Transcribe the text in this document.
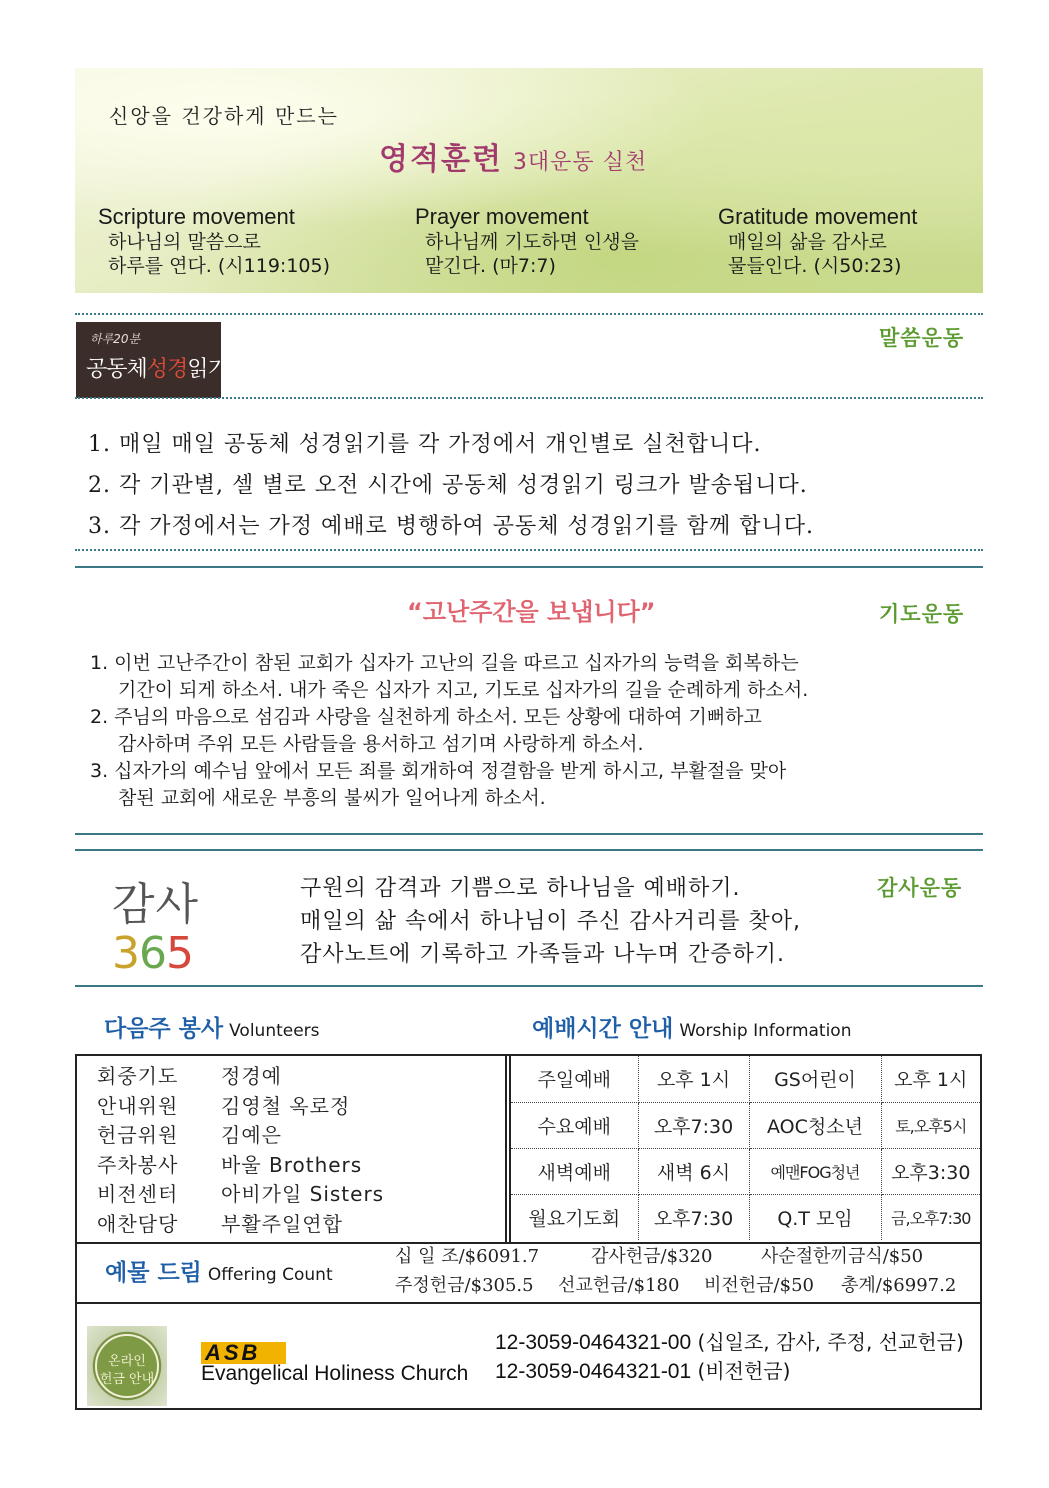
신앙을 건강하게 만드는
영적훈련 3대운동 실천
Scripture movement
하나님의 말씀으로
하루를 연다. (시119:105)
Prayer movement
하나님께 기도하면 인생을
맡긴다. (마7:7)
Gratitude movement
매일의 삶을 감사로
물들인다. (시50:23)
하루20분
공동체성경읽기
말씀운동
1. 매일 매일 공동체 성경읽기를 각 가정에서 개인별로 실천합니다.
2. 각 기관별, 셀 별로 오전 시간에 공동체 성경읽기 링크가 발송됩니다.
3. 각 가정에서는 가정 예배로 병행하여 공동체 성경읽기를 함께 합니다.
“고난주간을 보냅니다”	기도운동
1. 이번 고난주간이 참된 교회가 십자가 고난의 길을 따르고 십자가의 능력을 회복하는
기간이 되게 하소서. 내가 죽은 십자가 지고, 기도로 십자가의 길을 순례하게 하소서.
2. 주님의 마음으로 섬김과 사랑을 실천하게 하소서. 모든 상황에 대하여 기뻐하고
감사하며 주위 모든 사람들을 용서하고 섬기며 사랑하게 하소서.
3. 십자가의 예수님 앞에서 모든 죄를 회개하여 정결함을 받게 하시고, 부활절을 맞아
참된 교회에 새로운 부흥의 불씨가 일어나게 하소서.
감사
365
구원의 감격과 기쁨으로 하나님을 예배하기.
매일의 삶 속에서 하나님이 주신 감사거리를 찾아,
감사노트에 기록하고 가족들과 나누며 간증하기.
감사운동
다음주 봉사 Volunteers	예배시간 안내 Worship Information
회중기도 정경예
안내위원 김영철 옥로정
헌금위원 김예은
주차봉사 바울 Brothers
비전센터 아비가일 Sisters
애찬담당 부활주일연합
주일예배	오후 1시	GS어린이	오후 1시
수요예배	오후7:30	AOC청소년	토,오후5시
새벽예배	새벽 6시	예맨FOG청년	오후3:30
월요기도회	오후7:30	Q.T 모임	금,오후7:30
예물 드림 Offering Count
십 일 조/$6091.7	감사헌금/$320	사순절한끼금식/$50
주정헌금/$305.5 선교헌금/$180 비전헌금/$50 총계/$6997.2
온라인
헌금 안내
ASB
Evangelical Holiness Church
12-3059-0464321-00 (십일조, 감사, 주정, 선교헌금)
12-3059-0464321-01 (비전헌금)
